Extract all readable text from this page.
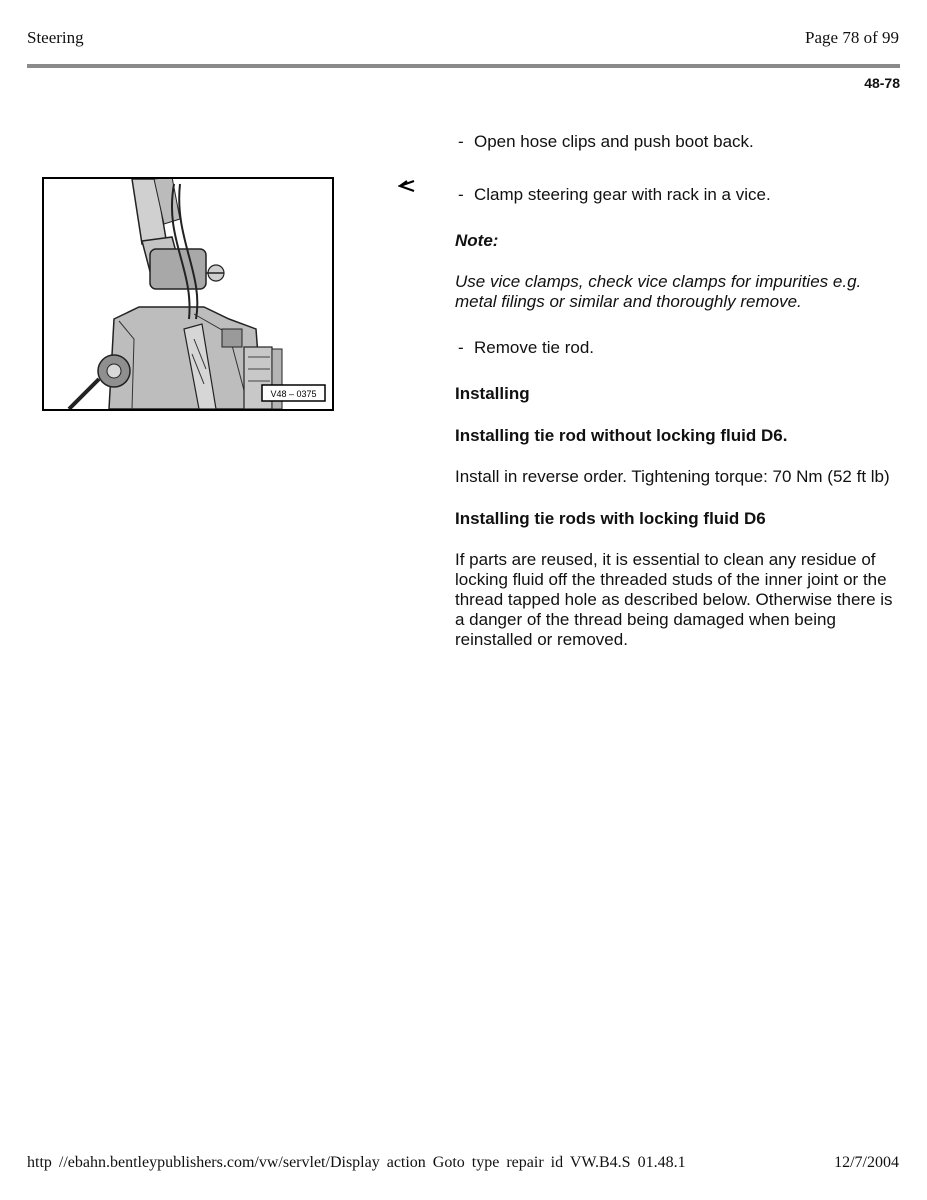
Steering	Page 78 of 99
48-78
V48 – 0375

- Open hose clips and push boot back.

- Clamp steering gear with rack in a vice.

Note:

Use vice clamps, check vice clamps for impurities e.g. metal filings or similar and thoroughly remove.

- Remove tie rod.

Installing

Installing tie rod without locking fluid D6.

Install in reverse order. Tightening torque: 70 Nm (52 ft lb)

Installing tie rods with locking fluid D6

If parts are reused, it is essential to clean any residue of locking fluid off the threaded studs of the inner joint or the thread tapped hole as described below. Otherwise there is a danger of the thread being damaged when being reinstalled or removed.

http //ebahn.bentleypublishers.com/vw/servlet/Display action Goto type repair id VW.B4.S 01.48.1	12/7/2004
